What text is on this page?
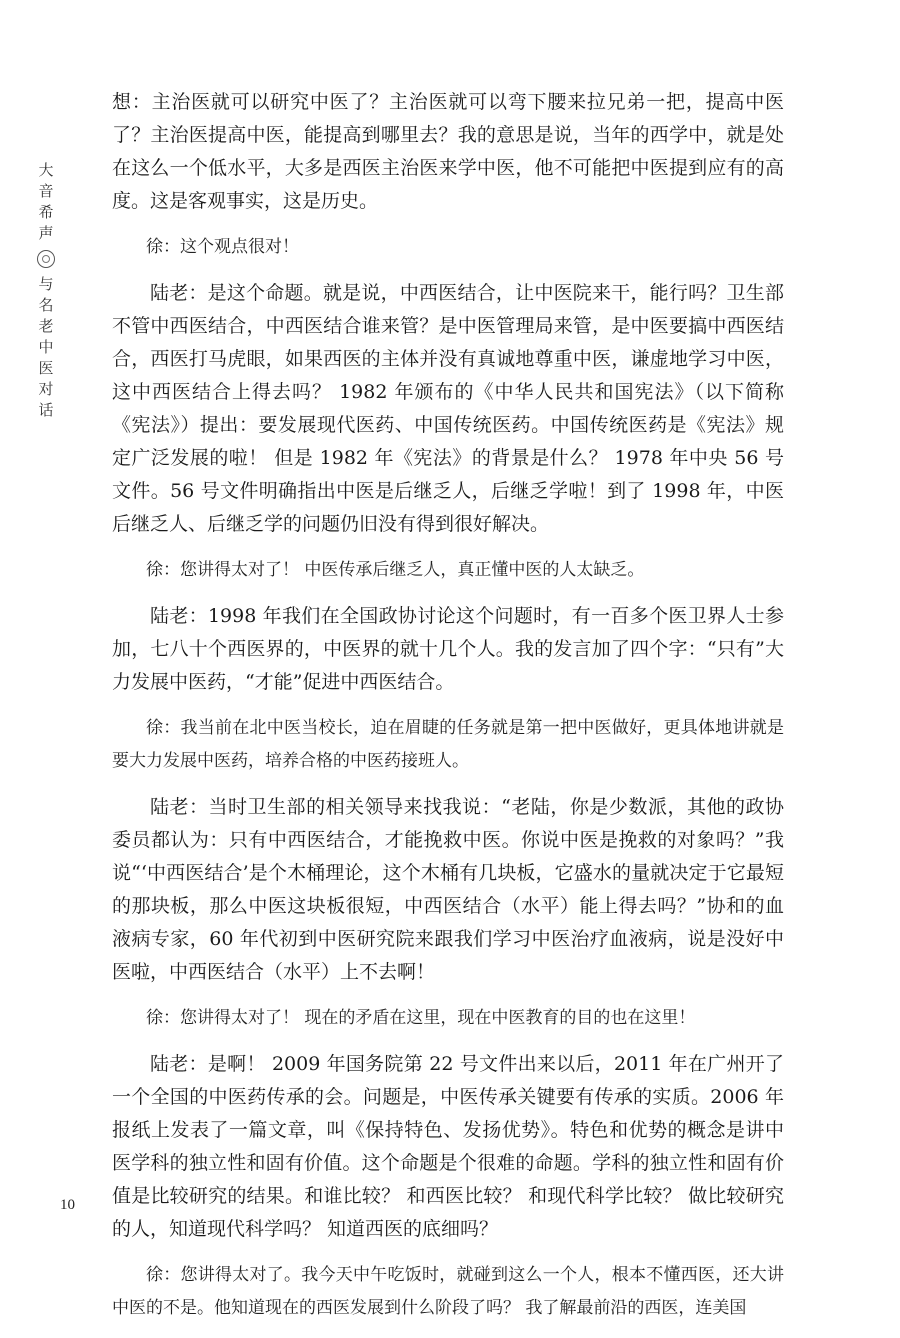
大
音
希
声
与
名
老
中
医
对
话

想：主治医就可以研究中医了？主治医就可以弯下腰来拉兄弟一把，提高中医了？主治医提高中医，能提高到哪里去？我的意思是说，当年的西学中，就是处在这么一个低水平，大多是西医主治医来学中医，他不可能把中医提到应有的高度。这是客观事实，这是历史。

徐：这个观点很对！

陆老：是这个命题。就是说，中西医结合，让中医院来干，能行吗？卫生部不管中西医结合，中西医结合谁来管？是中医管理局来管，是中医要搞中西医结合，西医打马虎眼，如果西医的主体并没有真诚地尊重中医，谦虚地学习中医，这中西医结合上得去吗？ 1982 年颁布的《中华人民共和国宪法》（以下简称《宪法》）提出：要发展现代医药、中国传统医药。中国传统医药是《宪法》规定广泛发展的啦！ 但是 1982 年《宪法》的背景是什么？ 1978 年中央 56 号文件。56 号文件明确指出中医是后继乏人，后继乏学啦！到了 1998 年，中医后继乏人、后继乏学的问题仍旧没有得到很好解决。

徐：您讲得太对了！ 中医传承后继乏人，真正懂中医的人太缺乏。

陆老：1998 年我们在全国政协讨论这个问题时，有一百多个医卫界人士参加，七八十个西医界的，中医界的就十几个人。我的发言加了四个字：“只有”大力发展中医药，“才能”促进中西医结合。

徐：我当前在北中医当校长，迫在眉睫的任务就是第一把中医做好，更具体地讲就是要大力发展中医药，培养合格的中医药接班人。

陆老：当时卫生部的相关领导来找我说：“老陆，你是少数派，其他的政协委员都认为：只有中西医结合，才能挽救中医。你说中医是挽救的对象吗？”我说“‘中西医结合’是个木桶理论，这个木桶有几块板，它盛水的量就决定于它最短的那块板，那么中医这块板很短，中西医结合（水平）能上得去吗？”协和的血液病专家，60 年代初到中医研究院来跟我们学习中医治疗血液病，说是没好中医啦，中西医结合（水平）上不去啊！

徐：您讲得太对了！ 现在的矛盾在这里，现在中医教育的目的也在这里！

陆老：是啊！ 2009 年国务院第 22 号文件出来以后，2011 年在广州开了一个全国的中医药传承的会。问题是，中医传承关键要有传承的实质。2006 年报纸上发表了一篇文章，叫《保持特色、发扬优势》。特色和优势的概念是讲中医学科的独立性和固有价值。这个命题是个很难的命题。学科的独立性和固有价值是比较研究的结果。和谁比较？ 和西医比较？ 和现代科学比较？ 做比较研究的人，知道现代科学吗？ 知道西医的底细吗？

徐：您讲得太对了。我今天中午吃饭时，就碰到这么一个人，根本不懂西医，还大讲中医的不是。他知道现在的西医发展到什么阶段了吗？ 我了解最前沿的西医，连美国

10
